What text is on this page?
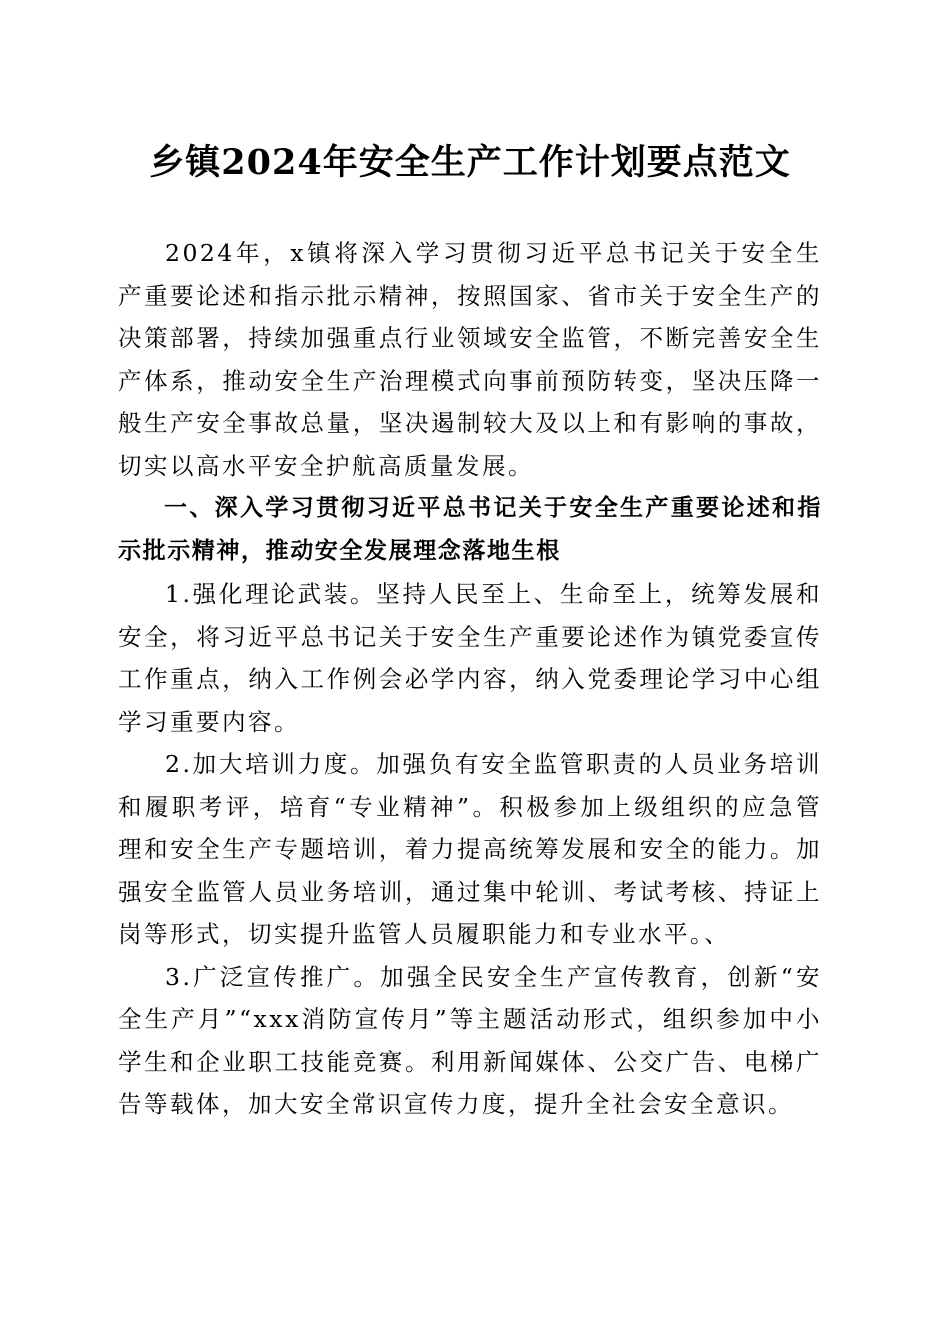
乡镇2024年安全生产工作计划要点范文

2024年，x镇将深入学习贯彻习近平总书记关于安全生产重要论述和指示批示精神，按照国家、省市关于安全生产的决策部署，持续加强重点行业领域安全监管，不断完善安全生产体系，推动安全生产治理模式向事前预防转变，坚决压降一般生产安全事故总量，坚决遏制较大及以上和有影响的事故，切实以高水平安全护航高质量发展。

一、深入学习贯彻习近平总书记关于安全生产重要论述和指示批示精神，推动安全发展理念落地生根

1.强化理论武装。坚持人民至上、生命至上，统筹发展和安全，将习近平总书记关于安全生产重要论述作为镇党委宣传工作重点，纳入工作例会必学内容，纳入党委理论学习中心组学习重要内容。

2.加大培训力度。加强负有安全监管职责的人员业务培训和履职考评，培育“专业精神”。积极参加上级组织的应急管理和安全生产专题培训，着力提高统筹发展和安全的能力。加强安全监管人员业务培训，通过集中轮训、考试考核、持证上岗等形式，切实提升监管人员履职能力和专业水平。、

3.广泛宣传推广。加强全民安全生产宣传教育，创新“安全生产月”“xxx消防宣传月”等主题活动形式，组织参加中小学生和企业职工技能竞赛。利用新闻媒体、公交广告、电梯广告等载体，加大安全常识宣传力度，提升全社会安全意识。
